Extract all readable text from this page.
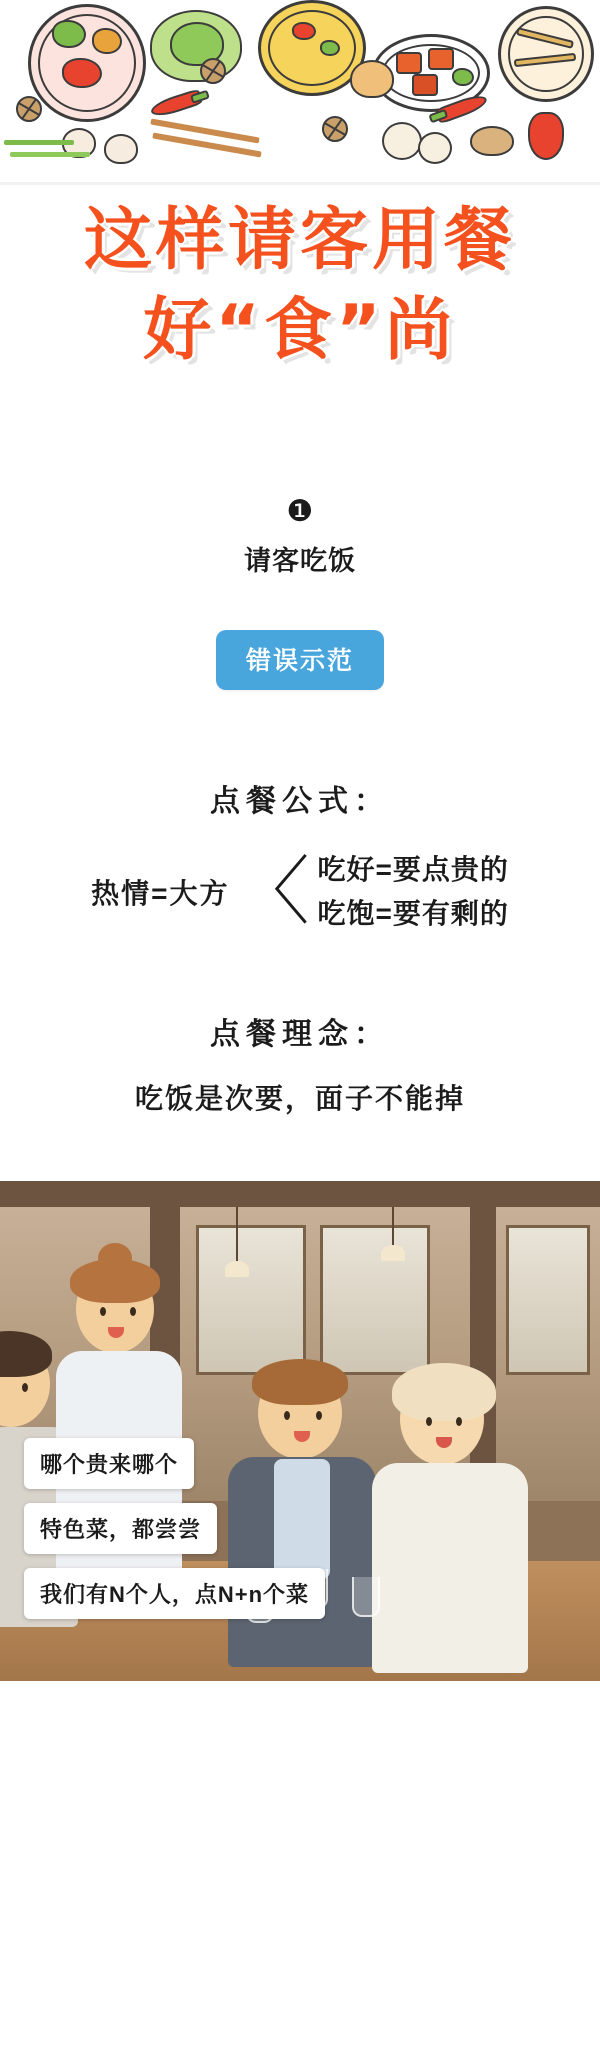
这样请客用餐
好“食”尚
❶
请客吃饭
错误示范
点餐公式：
热情=大方 〈 吃好=要点贵的
吃饱=要有剩的
点餐理念：
吃饭是次要，面子不能掉
哪个贵来哪个
特色菜，都尝尝
我们有N个人，点N+n个菜
